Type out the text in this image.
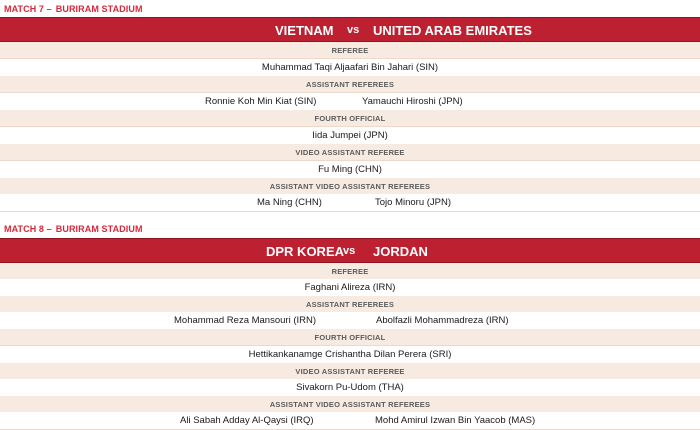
MATCH 7 – BURIRAM STADIUM
VIETNAM vs UNITED ARAB EMIRATES
REFEREE
Muhammad Taqi Aljaafari Bin Jahari (SIN)
ASSISTANT REFEREES
Ronnie Koh Min Kiat (SIN)	Yamauchi Hiroshi (JPN)
FOURTH OFFICIAL
Iida Jumpei (JPN)
VIDEO ASSISTANT REFEREE
Fu Ming (CHN)
ASSISTANT VIDEO ASSISTANT REFEREES
Ma Ning (CHN)	Tojo Minoru (JPN)
MATCH 8 – BURIRAM STADIUM
DPR KOREA
vs JORDAN
REFEREE
Faghani Alireza (IRN)
ASSISTANT REFEREES
Mohammad Reza Mansouri (IRN)	Abolfazli Mohammadreza (IRN)
FOURTH OFFICIAL
Hettikankanamge Crishantha Dilan Perera (SRI)
VIDEO ASSISTANT REFEREE
Sivakorn Pu-Udom (THA)
ASSISTANT VIDEO ASSISTANT REFEREES
Ali Sabah Adday Al-Qaysi (IRQ)	Mohd Amirul Izwan Bin Yaacob (MAS)
